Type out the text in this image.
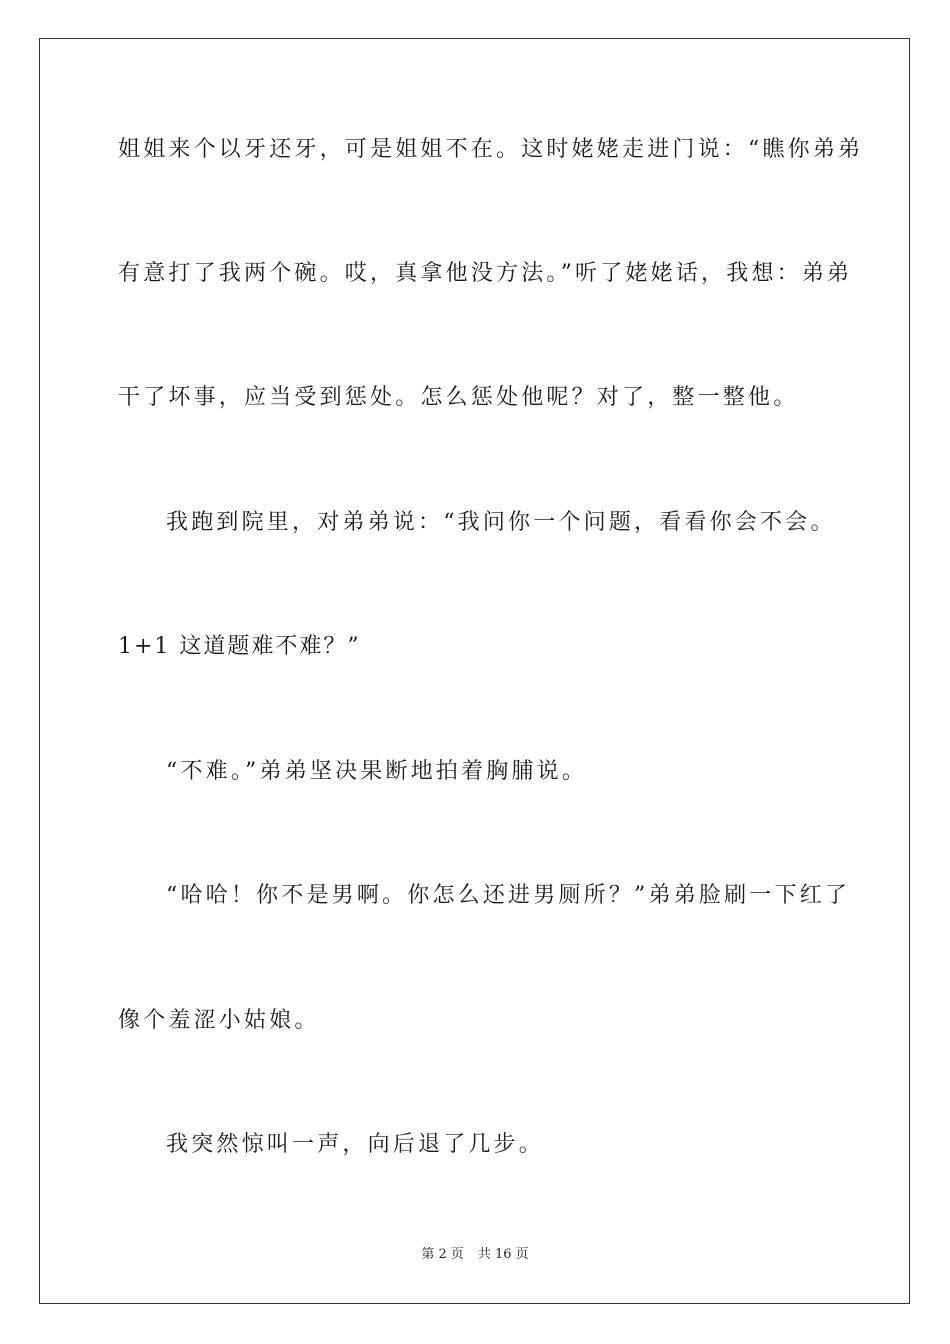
姐姐来个以牙还牙，可是姐姐不在。这时姥姥走进门说：“瞧你弟弟
有意打了我两个碗。哎，真拿他没方法。”听了姥姥话，我想：弟弟
干了坏事，应当受到惩处。怎么惩处他呢？对了，整一整他。
我跑到院里，对弟弟说：“我问你一个问题，看看你会不会。
1+1 这道题难不难？”
“不难。”弟弟坚决果断地拍着胸脯说。
“哈哈！你不是男啊。你怎么还进男厕所？”弟弟脸刷一下红了
像个羞涩小姑娘。
我突然惊叫一声，向后退了几步。
第 2 页 共 16 页
